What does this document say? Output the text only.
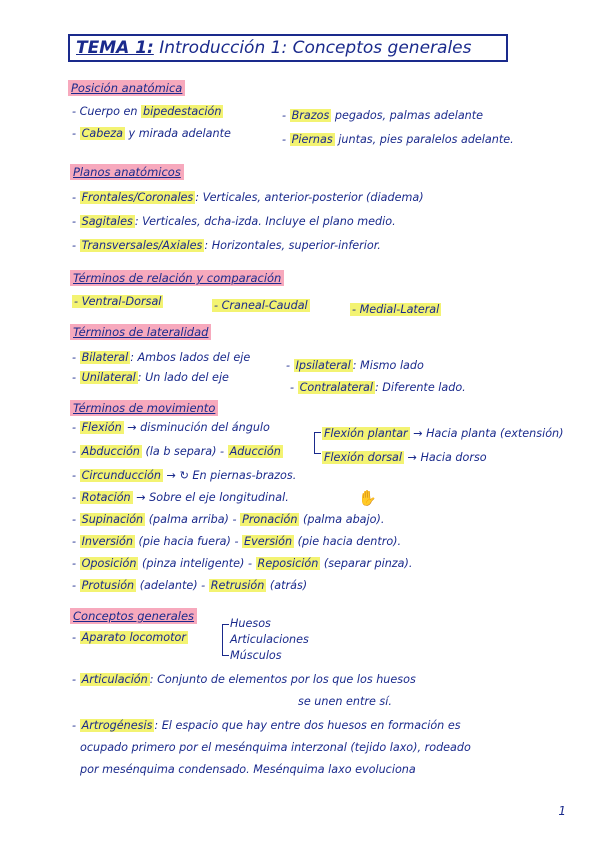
TEMA 1: Introducción 1: Conceptos generales
Posición anatómica
- Cuerpo en bipedestación
- Cabeza y mirada adelante
- Brazos pegados, palmas adelante
- Piernas juntas, pies paralelos adelante.
Planos anatómicos
- Frontales/Coronales : Verticales, anterior-posterior (diadema)
- Sagitales : Verticales, dcha-izda. Incluye el plano medio.
- Transversales/Axiales : Horizontales, superior-inferior.
Términos de relación y comparación
- Ventral-Dorsal	- Craneal-Caudal	- Medial-Lateral
Términos de lateralidad
- Bilateral : Ambos lados del eje
- Unilateral : Un lado del eje
- Ipsilateral : Mismo lado
- Contralateral : Diferente lado.
Términos de movimiento
- Flexión → disminución del ángulo	Flexión plantar → Hacia planta (extensión)
Flexión dorsal → Hacia dorso
- Abducción (la b separa) - Aducción
- Circunducción → ↻ En piernas-brazos.
- Rotación → Sobre el eje longitudinal.	✋
- Supinación (palma arriba) - Pronación (palma abajo).
- Inversión (pie hacia fuera) - Eversión (pie hacia dentro).
- Oposición (pinza inteligente) - Reposición (separar pinza).
- Protusión (adelante) - Retrusión (atrás)
Conceptos generales
- Aparato locomotor
Huesos
Articulaciones
Músculos
- Articulación : Conjunto de elementos por los que los huesos
se unen entre sí.
- Artrogénesis : El espacio que hay entre dos huesos en formación es
ocupado primero por el mesénquima interzonal (tejido laxo), rodeado
por mesénquima condensado. Mesénquima laxo evoluciona
1
